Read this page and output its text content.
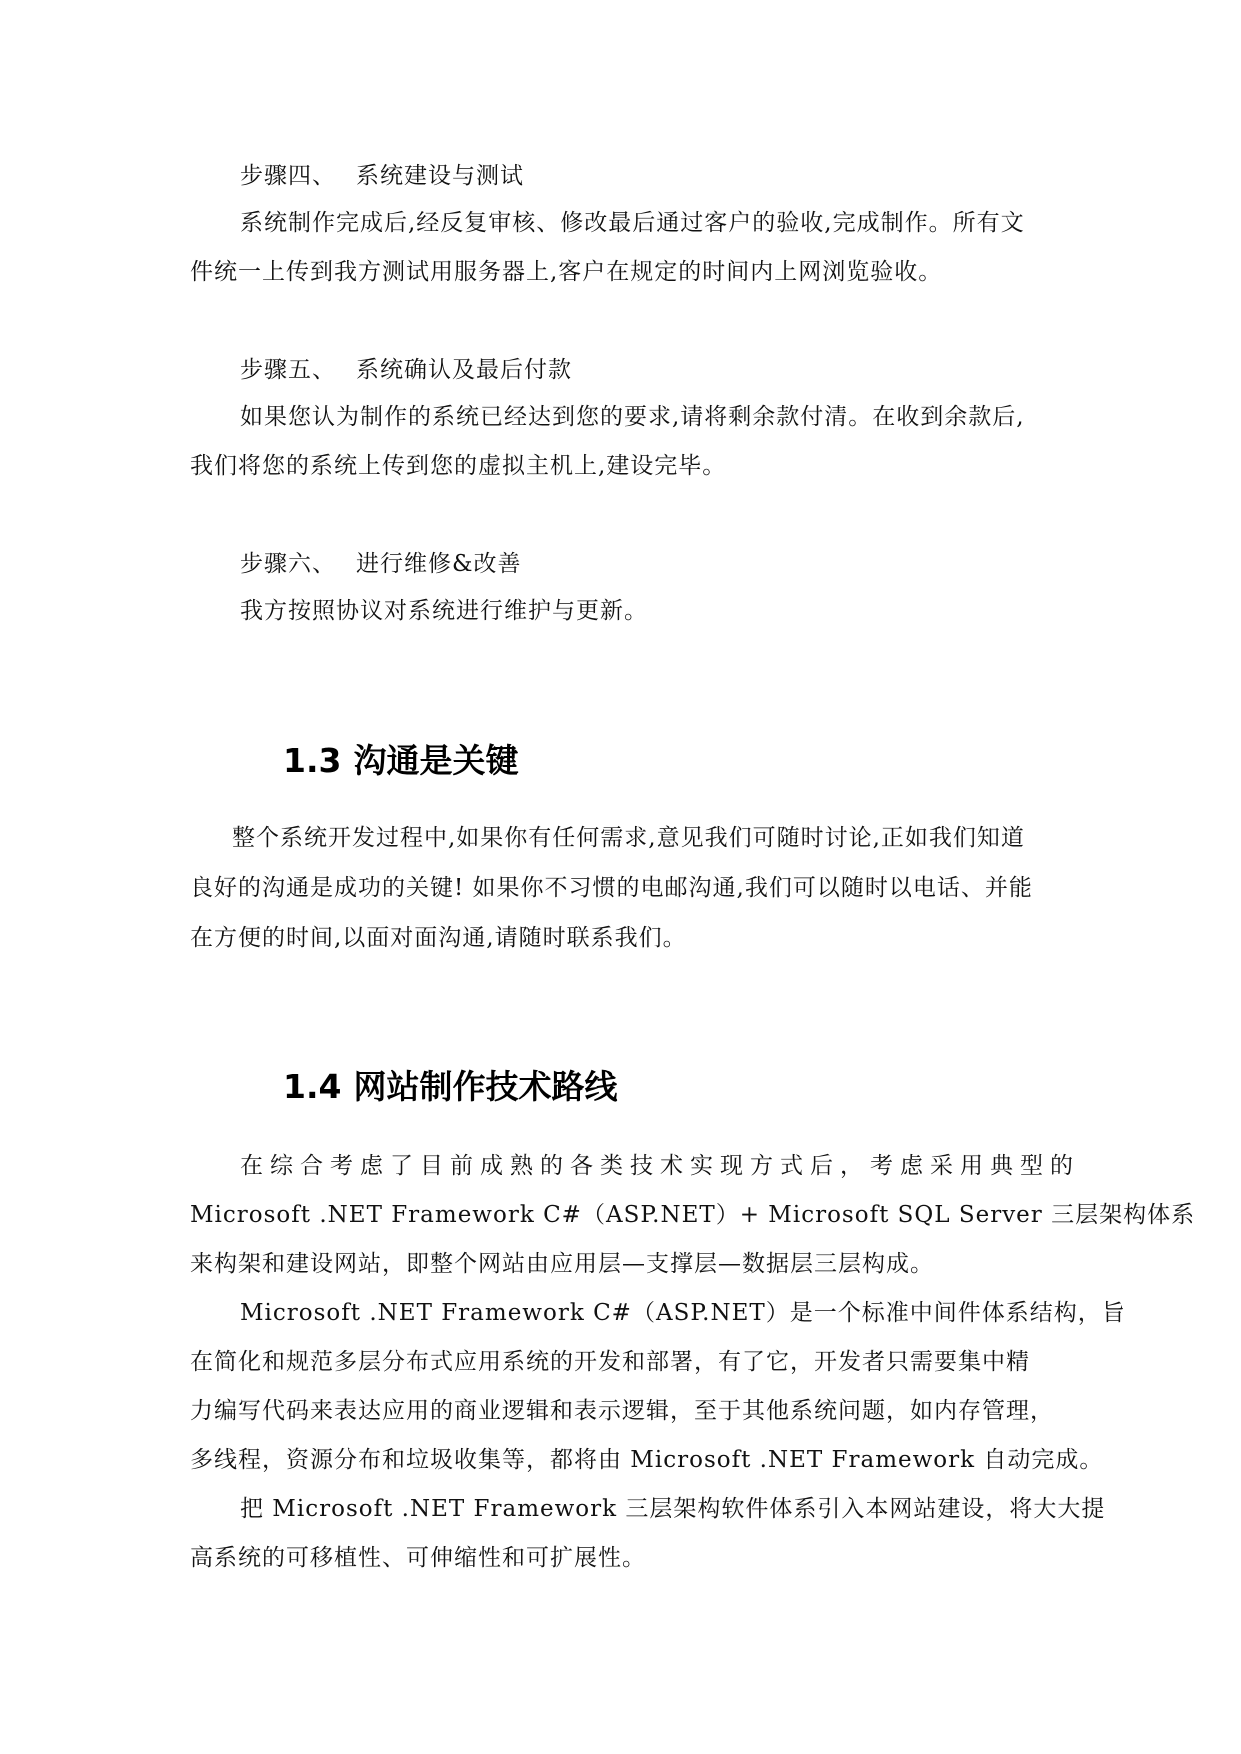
步骤四、 系统建设与测试
系统制作完成后,经反复审核、修改最后通过客户的验收,完成制作。所有文
件统一上传到我方测试用服务器上,客户在规定的时间内上网浏览验收。
步骤五、 系统确认及最后付款
如果您认为制作的系统已经达到您的要求,请将剩余款付清。在收到余款后,
我们将您的系统上传到您的虚拟主机上,建设完毕。
步骤六、 进行维修&改善
我方按照协议对系统进行维护与更新。
1.3 沟通是关键
整个系统开发过程中,如果你有任何需求,意见我们可随时讨论,正如我们知道
良好的沟通是成功的关键! 如果你不习惯的电邮沟通,我们可以随时以电话、并能
在方便的时间,以面对面沟通,请随时联系我们。
1.4 网站制作技术路线
在综合考虑了目前成熟的各类技术实现方式后，考虑采用典型的
Microsoft .NET Framework C#（ASP.NET）+ Microsoft SQL Server 三层架构体系
来构架和建设网站，即整个网站由应用层—支撑层—数据层三层构成。
Microsoft .NET Framework C#（ASP.NET）是一个标准中间件体系结构，旨
在简化和规范多层分布式应用系统的开发和部署，有了它，开发者只需要集中精
力编写代码来表达应用的商业逻辑和表示逻辑，至于其他系统问题，如内存管理，
多线程，资源分布和垃圾收集等，都将由 Microsoft .NET Framework 自动完成。
把 Microsoft .NET Framework 三层架构软件体系引入本网站建设，将大大提
高系统的可移植性、可伸缩性和可扩展性。
